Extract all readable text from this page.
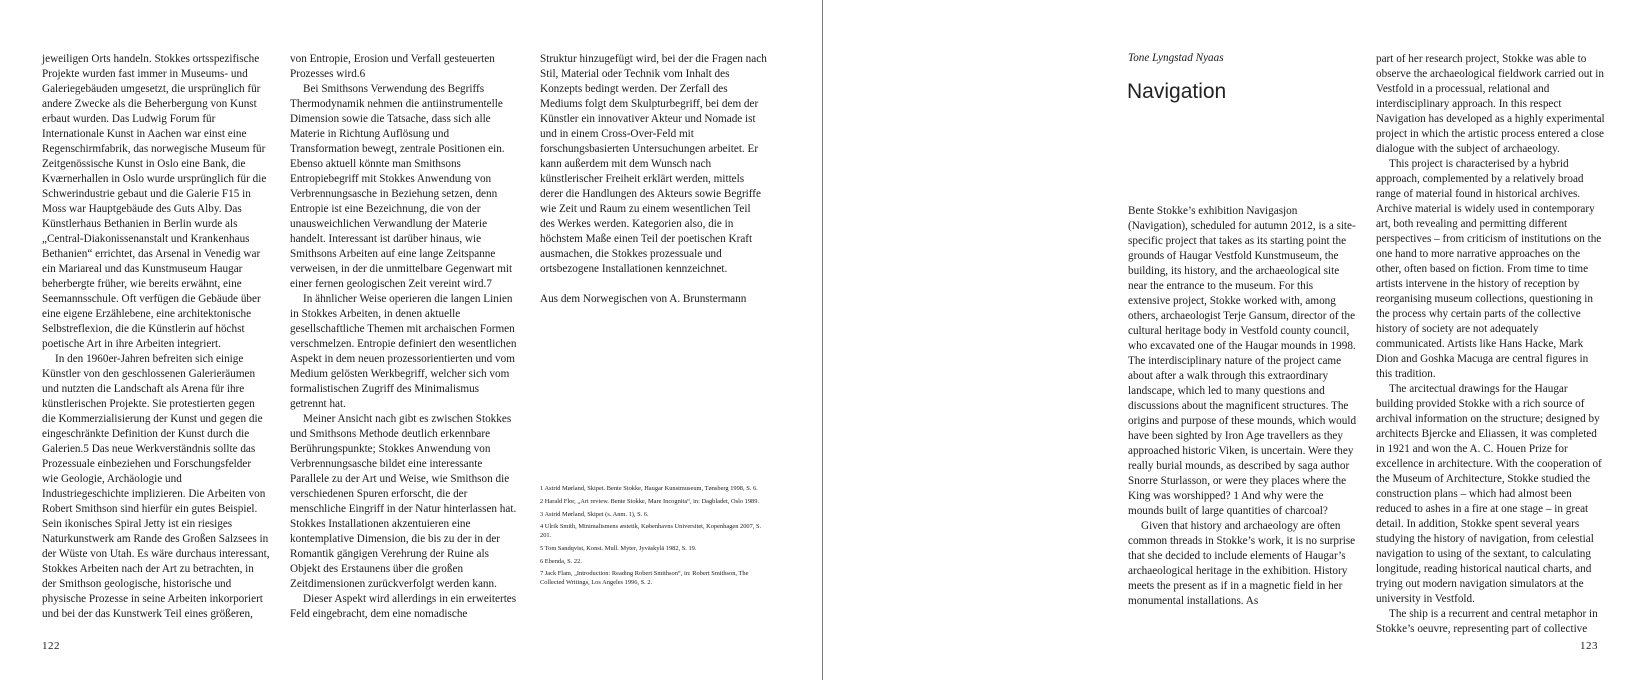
jeweiligen Orts handeln. Stokkes ortsspezifische Projekte wurden fast immer in Museums- und Galeriegebäuden umgesetzt, die ursprünglich für andere Zwecke als die Beherbergung von Kunst erbaut wurden. Das Ludwig Forum für Internationale Kunst in Aachen war einst eine Regenschirmfabrik, das norwegische Museum für Zeitgenössische Kunst in Oslo eine Bank, die Kværnerhallen in Oslo wurde ursprünglich für die Schwerindustrie gebaut und die Galerie F15 in Moss war Hauptgebäude des Guts Alby. Das Künstlerhaus Bethanien in Berlin wurde als „Central-Diakonissenanstalt und Krankenhaus Bethanien“ errichtet, das Arsenal in Venedig war ein Mariareal und das Kunstmuseum Haugar beherbergte früher, wie bereits erwähnt, eine Seemannsschule. Oft verfügen die Gebäude über eine eigene Erzählebene, eine architektonische Selbstreflexion, die die Künstlerin auf höchst poetische Art in ihre Arbeiten integriert.

In den 1960er-Jahren befreiten sich einige Künstler von den geschlossenen Galerieräumen und nutzten die Landschaft als Arena für ihre künstlerischen Projekte. Sie protestierten gegen die Kommerzialisierung der Kunst und gegen die eingeschränkte Definition der Kunst durch die Galerien.5 Das neue Werkverständnis sollte das Prozessuale einbeziehen und Forschungsfelder wie Geologie, Archäologie und Industriegeschichte implizieren. Die Arbeiten von Robert Smithson sind hierfür ein gutes Beispiel. Sein ikonisches Spiral Jetty ist ein riesiges Naturkunstwerk am Rande des Großen Salzsees in der Wüste von Utah. Es wäre durchaus interessant, Stokkes Arbeiten nach der Art zu betrachten, in der Smithson geologische, historische und physische Prozesse in seine Arbeiten inkorporiert und bei der das Kunstwerk Teil eines größeren,

von Entropie, Erosion und Verfall gesteuerten Prozesses wird.6

Bei Smithsons Verwendung des Begriffs Thermodynamik nehmen die antiinstrumentelle Dimension sowie die Tatsache, dass sich alle Materie in Richtung Auflösung und Transformation bewegt, zentrale Positionen ein. Ebenso aktuell könnte man Smithsons Entropiebegriff mit Stokkes Anwendung von Verbrennungsasche in Beziehung setzen, denn Entropie ist eine Bezeichnung, die von der unausweichlichen Verwandlung der Materie handelt. Interessant ist darüber hinaus, wie Smithsons Arbeiten auf eine lange Zeitspanne verweisen, in der die unmittelbare Gegenwart mit einer fernen geologischen Zeit vereint wird.7

In ähnlicher Weise operieren die langen Linien in Stokkes Arbeiten, in denen aktuelle gesellschaftliche Themen mit archaischen Formen verschmelzen. Entropie definiert den wesentlichen Aspekt in dem neuen prozessorientierten und vom Medium gelösten Werkbegriff, welcher sich vom formalistischen Zugriff des Minimalismus getrennt hat.

Meiner Ansicht nach gibt es zwischen Stokkes und Smithsons Methode deutlich erkennbare Berührungspunkte; Stokkes Anwendung von Verbrennungsasche bildet eine interessante Parallele zu der Art und Weise, wie Smithson die verschiedenen Spuren erforscht, die der menschliche Eingriff in der Natur hinterlassen hat. Stokkes Installationen akzentuieren eine kontemplative Dimension, die bis zu der in der Romantik gängigen Verehrung der Ruine als Objekt des Erstaunens über die großen Zeitdimensionen zurückverfolgt werden kann.

Dieser Aspekt wird allerdings in ein erweitertes Feld eingebracht, dem eine nomadische

Struktur hinzugefügt wird, bei der die Fragen nach Stil, Material oder Technik vom Inhalt des Konzepts bedingt werden. Der Zerfall des Mediums folgt dem Skulpturbegriff, bei dem der Künstler ein innovativer Akteur und Nomade ist und in einem Cross-Over-Feld mit forschungsbasierten Untersuchungen arbeitet. Er kann außerdem mit dem Wunsch nach künstlerischer Freiheit erklärt werden, mittels derer die Handlungen des Akteurs sowie Begriffe wie Zeit und Raum zu einem wesentlichen Teil des Werkes werden. Kategorien also, die in höchstem Maße einen Teil der poetischen Kraft ausmachen, die Stokkes prozessuale und ortsbezogene Installationen kennzeichnet.

Aus dem Norwegischen von A. Brunstermann

1 Astrid Mørland, Skipet. Bente Stokke, Haugar Kunstmuseum, Tønsberg 1998, S. 6.

2 Harald Flor, „Art review. Bente Stokke, Mare Incognita“, in: Dagbladet, Oslo 1989.

3 Astrid Mørland, Skipet (s. Anm. 1), S. 6.

4 Ulrik Smith, Minimalismens æstetik, Københavns Universitet, Kopenhagen 2007, S. 201.

5 Tom Sandqvist, Konst. Mull. Myter, Jyväskylä 1982, S. 19.

6 Ebenda, S. 22.

7 Jack Flam, „Introduction: Reading Robert Smithson“, in: Robert Smithson, The Collected Writings, Los Angeles 1996, S. 2.

122
Tone Lyngstad Nyaas
Navigation

Bente Stokke’s exhibition Navigasjon (Navigation), scheduled for autumn 2012, is a site-specific project that takes as its starting point the grounds of Haugar Vestfold Kunstmuseum, the building, its history, and the archaeological site near the entrance to the museum. For this extensive project, Stokke worked with, among others, archaeologist Terje Gansum, director of the cultural heritage body in Vestfold county council, who excavated one of the Haugar mounds in 1998. The interdisciplinary nature of the project came about after a walk through this extraordinary landscape, which led to many questions and discussions about the magnificent structures. The origins and purpose of these mounds, which would have been sighted by Iron Age travellers as they approached historic Viken, is uncertain. Were they really burial mounds, as described by saga author Snorre Sturlasson, or were they places where the King was worshipped? 1 And why were the mounds built of large quantities of charcoal?

Given that history and archaeology are often common threads in Stokke’s work, it is no surprise that she decided to include elements of Haugar’s archaeological heritage in the exhibition. History meets the present as if in a magnetic field in her monumental installations. As

part of her research project, Stokke was able to observe the archaeological fieldwork carried out in Vestfold in a processual, relational and interdisciplinary approach. In this respect Navigation has developed as a highly experimental project in which the artistic process entered a close dialogue with the subject of archaeology.

This project is characterised by a hybrid approach, complemented by a relatively broad range of material found in historical archives. Archive material is widely used in contemporary art, both revealing and permitting different perspectives – from criticism of institutions on the one hand to more narrative approaches on the other, often based on fiction. From time to time artists intervene in the history of reception by reorganising museum collections, questioning in the process why certain parts of the collective history of society are not adequately communicated. Artists like Hans Hacke, Mark Dion and Goshka Macuga are central figures in this tradition.

The arcitectual drawings for the Haugar building provided Stokke with a rich source of archival information on the structure; designed by architects Bjercke and Eliassen, it was completed in 1921 and won the A. C. Houen Prize for excellence in architecture. With the cooperation of the Museum of Architecture, Stokke studied the construction plans – which had almost been reduced to ashes in a fire at one stage – in great detail. In addition, Stokke spent several years studying the history of navigation, from celestial navigation to using of the sextant, to calculating longitude, reading historical nautical charts, and trying out modern navigation simulators at the university in Vestfold.

The ship is a recurrent and central metaphor in Stokke’s oeuvre, representing part of collective

123
